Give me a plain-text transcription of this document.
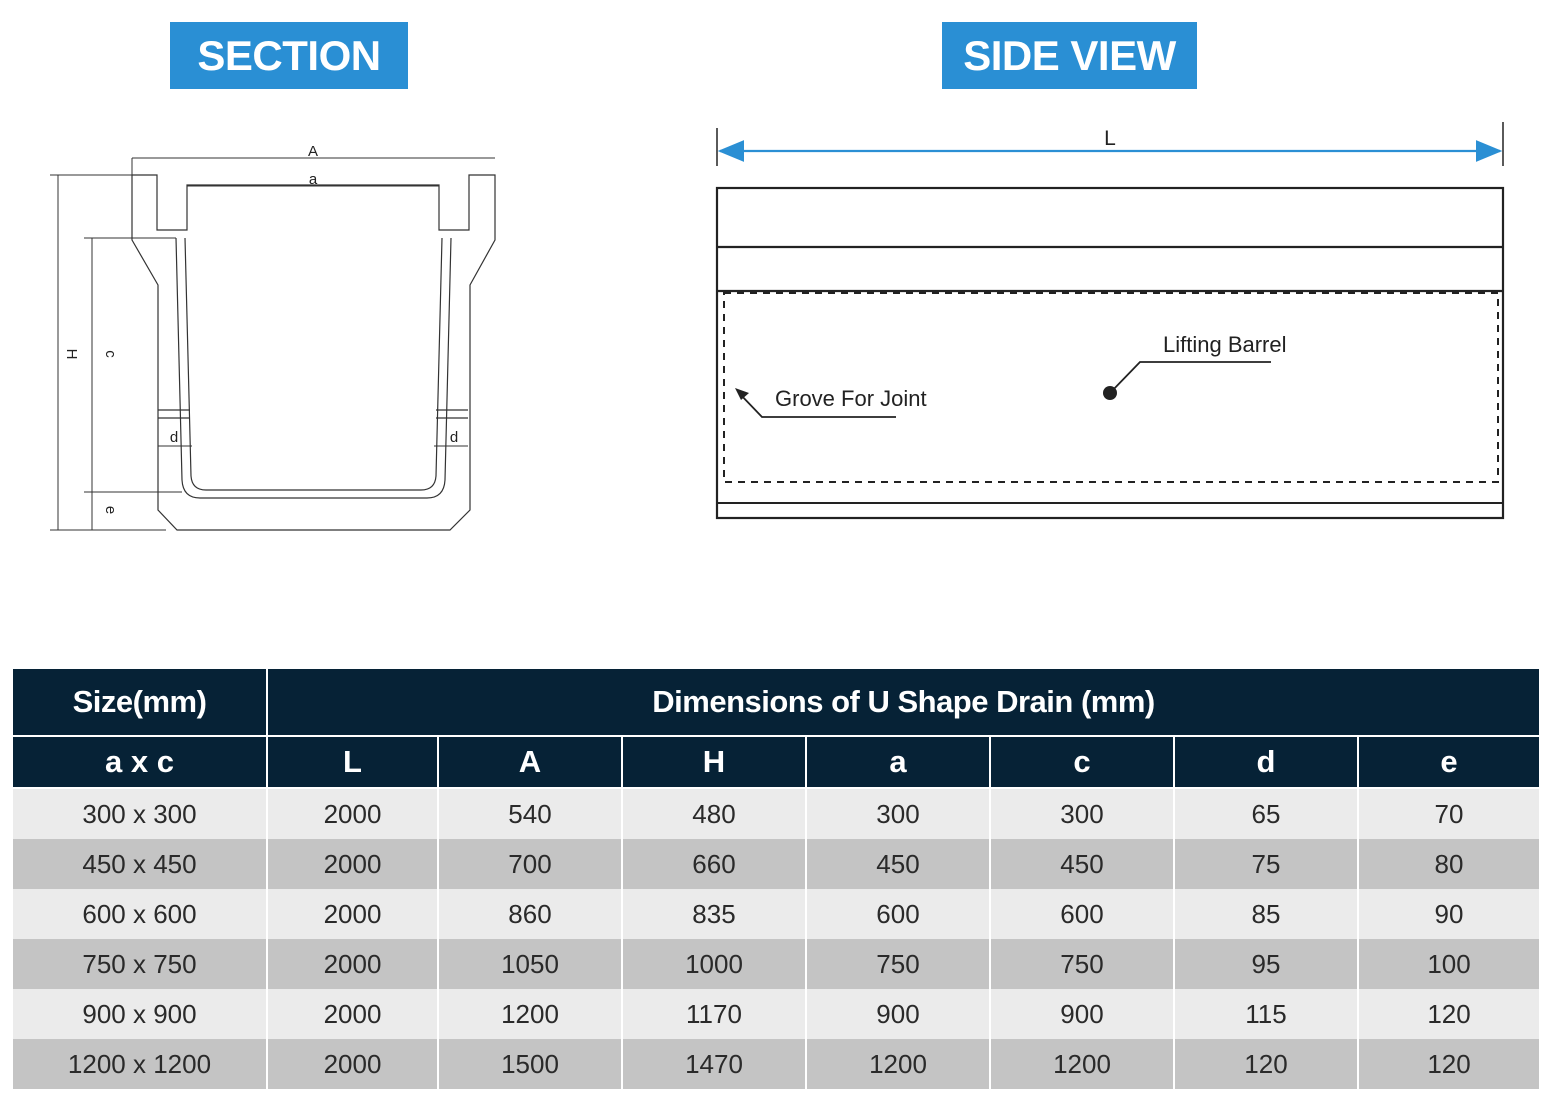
SECTION	SIDE VIEW
A
a
H c
e
d	d
L
Lifting Barrel
Grove For Joint
Size(mm)	Dimensions of U Shape Drain (mm)						
a x c	L	A	H	a	c	d	e
300 x 300	2000	540	480	300	300	65	70
450 x 450	2000	700	660	450	450	75	80
600 x 600	2000	860	835	600	600	85	90
750 x 750	2000	1050	1000	750	750	95	100
900 x 900	2000	1200	1170	900	900	115	120
1200 x 1200	2000	1500	1470	1200	1200	120	120
